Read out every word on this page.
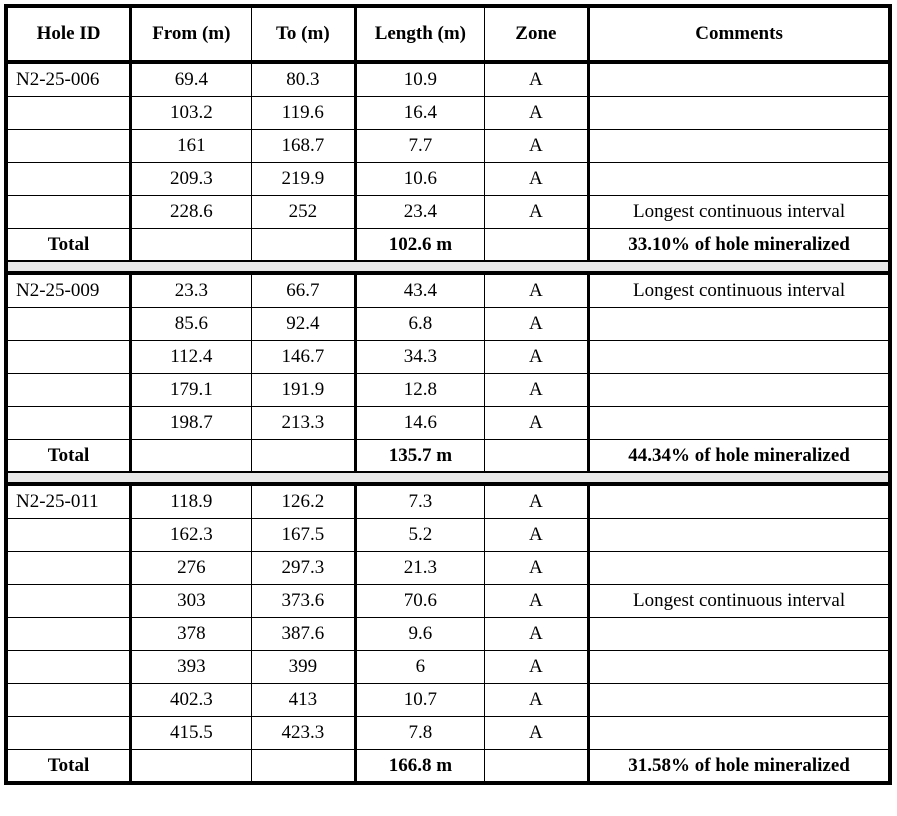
Hole ID	From (m)	To (m)	Length (m)	Zone	Comments
N2-25-006	69.4	80.3	10.9	A	
	103.2	119.6	16.4	A	
	161	168.7	7.7	A	
	209.3	219.9	10.6	A	
	228.6	252	23.4	A	Longest continuous interval
Total			102.6 m		33.10% of hole mineralized

N2-25-009	23.3	66.7	43.4	A	Longest continuous interval
	85.6	92.4	6.8	A	
	112.4	146.7	34.3	A	
	179.1	191.9	12.8	A	
	198.7	213.3	14.6	A	
Total			135.7 m		44.34% of hole mineralized

N2-25-011	118.9	126.2	7.3	A	
	162.3	167.5	5.2	A	
	276	297.3	21.3	A	
	303	373.6	70.6	A	Longest continuous interval
	378	387.6	9.6	A	
	393	399	6	A	
	402.3	413	10.7	A	
	415.5	423.3	7.8	A	
Total			166.8 m		31.58% of hole mineralized
